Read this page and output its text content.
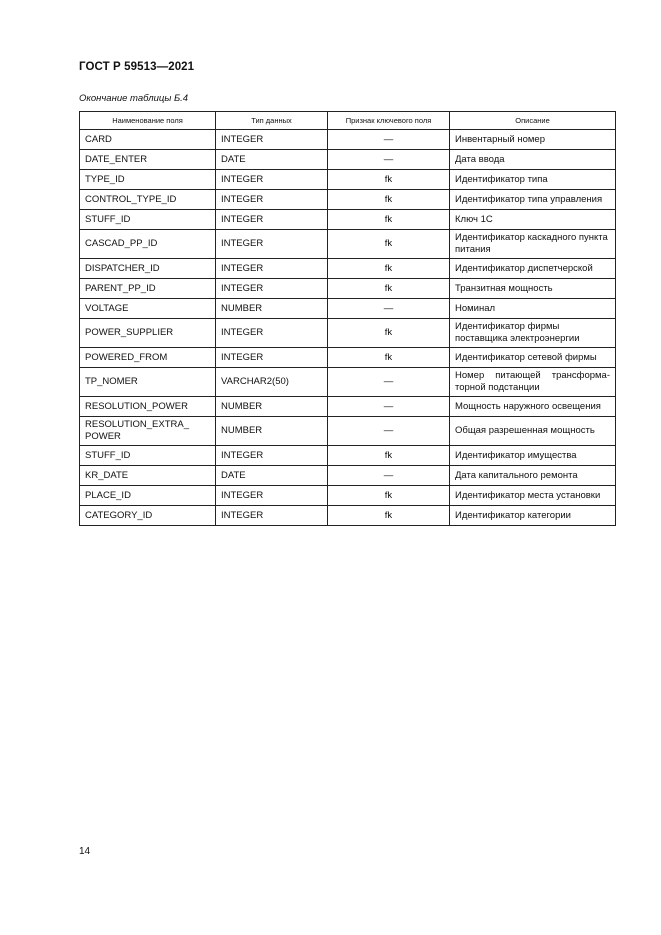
ГОСТ Р 59513—2021
Окончание таблицы Б.4
Наименование поля	Тип данных	Признак ключевого поля	Описание
CARD	INTEGER	—	Инвентарный номер
DATE_ENTER	DATE	—	Дата ввода
TYPE_ID	INTEGER	fk	Идентификатор типа
CONTROL_TYPE_ID	INTEGER	fk	Идентификатор типа управления
STUFF_ID	INTEGER	fk	Ключ 1С
CASCAD_PP_ID	INTEGER	fk	Идентификатор каскадного пункта питания
DISPATCHER_ID	INTEGER	fk	Идентификатор диспетчерской
PARENT_PP_ID	INTEGER	fk	Транзитная мощность
VOLTAGE	NUMBER	—	Номинал
POWER_SUPPLIER	INTEGER	fk	Идентификатор фирмы поставщика электроэнергии
POWERED_FROM	INTEGER	fk	Идентификатор сетевой фирмы
TP_NOMER	VARCHAR2(50)	—	Номер питающей трансформа-торной подстанции
RESOLUTION_POWER	NUMBER	—	Мощность наружного освещения
RESOLUTION_EXTRA_ POWER	NUMBER	—	Общая разрешенная мощность
STUFF_ID	INTEGER	fk	Идентификатор имущества
KR_DATE	DATE	—	Дата капитального ремонта
PLACE_ID	INTEGER	fk	Идентификатор места установки
CATEGORY_ID	INTEGER	fk	Идентификатор категории
14
